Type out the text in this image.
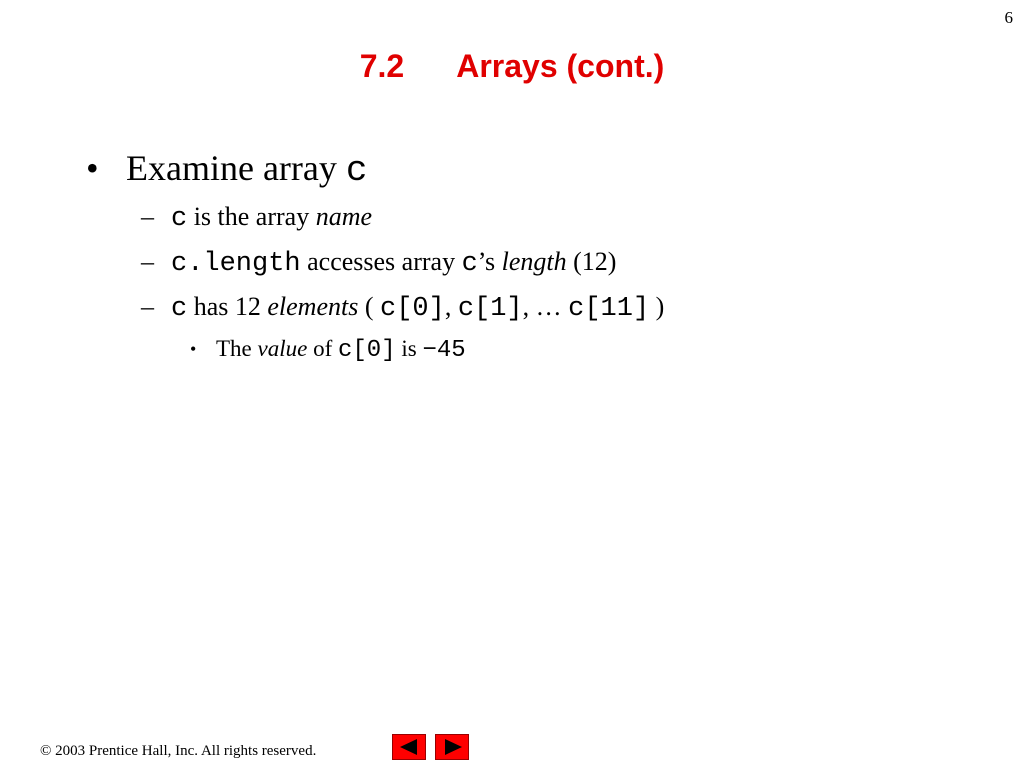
6
7.2 Arrays (cont.)
• Examine array c
– c is the array name
– c.length accesses array c’s length (12)
– c has 12 elements ( c[0], c[1], … c[11] )
• The value of c[0] is −45
© 2003 Prentice Hall, Inc. All rights reserved.
